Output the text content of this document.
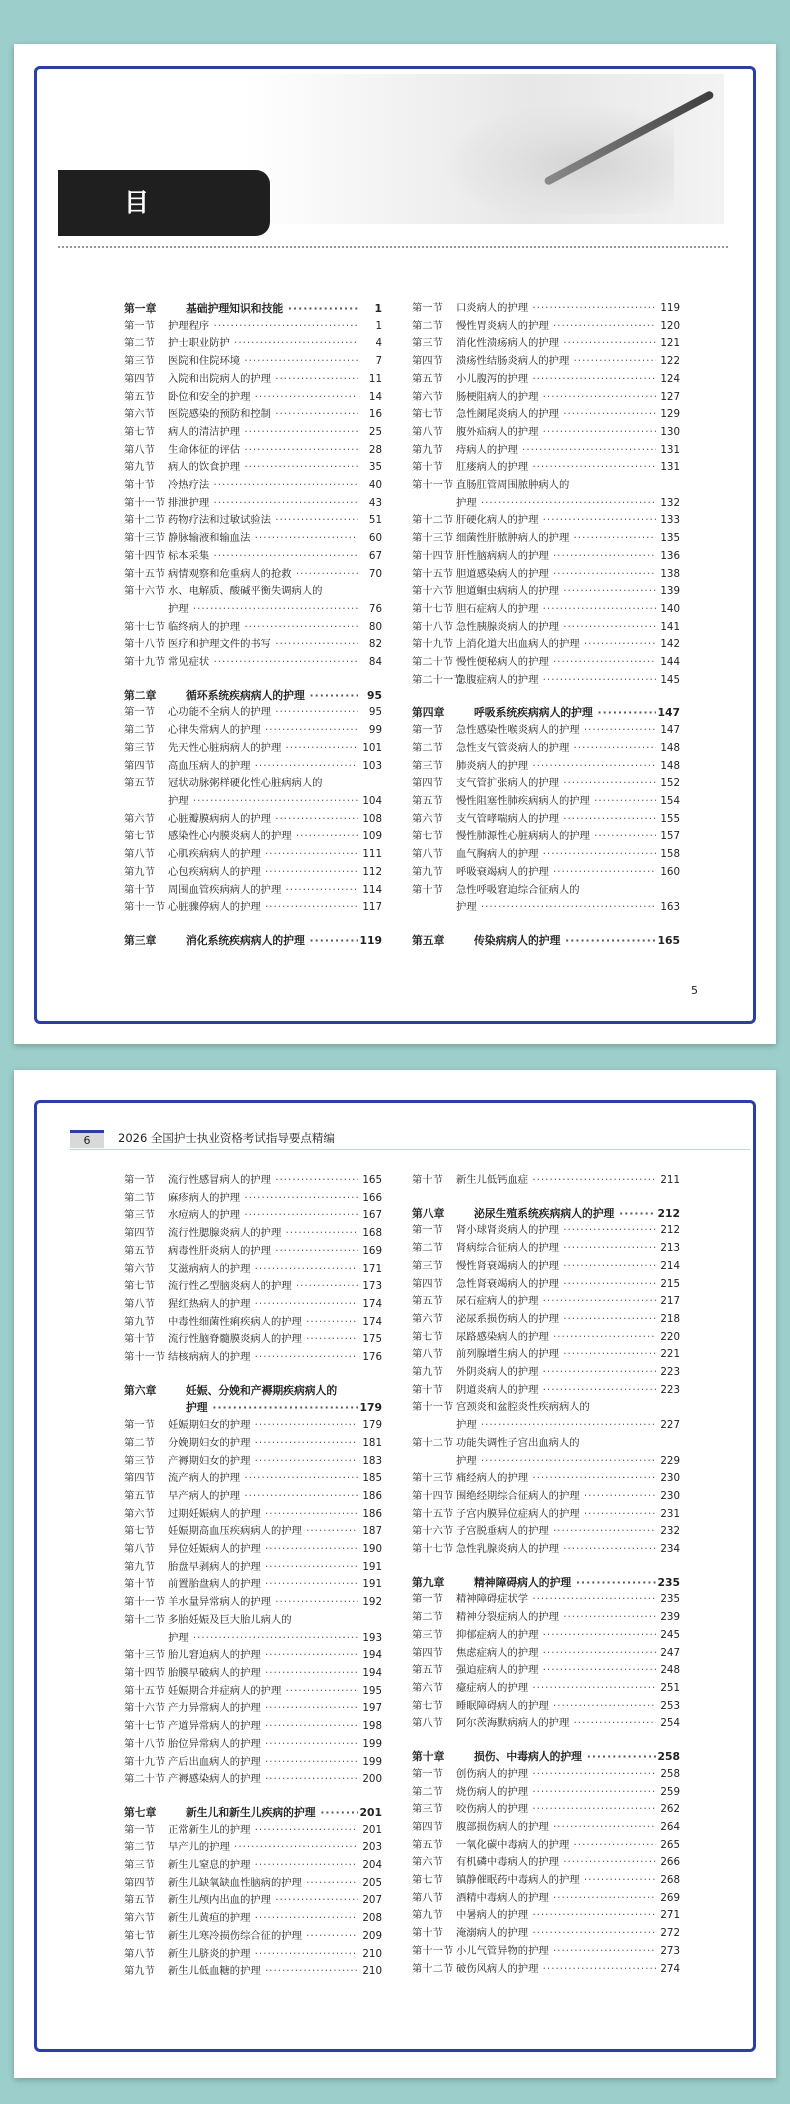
目 录
第一章	基础护理知识和技能 ·····	1
第一节	护理程序 ·····	1
第二节	护士职业防护 ·····	4
第三节	医院和住院环境 ·····	7
第四节	入院和出院病人的护理 ·····	11
第五节	卧位和安全的护理 ·····	14
第六节	医院感染的预防和控制 ·····	16
第七节	病人的清洁护理 ·····	25
第八节	生命体征的评估 ·····	28
第九节	病人的饮食护理 ·····	35
第十节	冷热疗法 ·····	40
第十一节 排泄护理 ·····	43
第十二节 药物疗法和过敏试验法 ·····	51
第十三节 静脉输液和输血法 ·····	60
第十四节 标本采集 ·····	67
第十五节 病情观察和危重病人的抢救 ·····	70
第十六节 水、电解质、酸碱平衡失调病人的
护理 ·····	76
第十七节 临终病人的护理 ·····	80
第十八节 医疗和护理文件的书写 ·····	82
第十九节 常见症状 ·····	84
第二章	循环系统疾病病人的护理 ·····	95
第一节	心功能不全病人的护理 ·····	95
第二节	心律失常病人的护理 ·····	99
第三节	先天性心脏病病人的护理 ·····	101
第四节	高血压病人的护理 ·····	103
第五节	冠状动脉粥样硬化性心脏病病人的
护理 ·····	104
第六节	心脏瓣膜病病人的护理 ·····	108
第七节	感染性心内膜炎病人的护理 ·····	109
第八节	心肌疾病病人的护理 ·····	111
第九节	心包疾病病人的护理 ·····	112
第十节	周围血管疾病病人的护理 ·····	114
第十一节 心脏骤停病人的护理 ·····	117
第三章	消化系统疾病病人的护理 ·····	119
第一节	口炎病人的护理 ·····	119
第二节	慢性胃炎病人的护理 ·····	120
第三节	消化性溃疡病人的护理 ·····	121
第四节	溃疡性结肠炎病人的护理 ·····	122
第五节	小儿腹泻的护理 ·····	124
第六节	肠梗阻病人的护理 ·····	127
第七节	急性阑尾炎病人的护理 ·····	129
第八节	腹外疝病人的护理 ·····	130
第九节	痔病人的护理 ·····	131
第十节	肛瘘病人的护理 ·····	131
第十一节 直肠肛管周围脓肿病人的
护理 ·····	132
第十二节 肝硬化病人的护理 ·····	133
第十三节 细菌性肝脓肿病人的护理 ·····	135
第十四节 肝性脑病病人的护理 ·····	136
第十五节 胆道感染病人的护理 ·····	138
第十六节 胆道蛔虫病病人的护理 ·····	139
第十七节 胆石症病人的护理 ·····	140
第十八节 急性胰腺炎病人的护理 ·····	141
第十九节 上消化道大出血病人的护理 ·····	142
第二十节 慢性便秘病人的护理 ·····	144
第二十一节
急腹症病人的护理 ·····	145
第四章	呼吸系统疾病病人的护理 ·····	147
第一节	急性感染性喉炎病人的护理 ·····	147
第二节	急性支气管炎病人的护理 ·····	148
第三节	肺炎病人的护理 ·····	148
第四节	支气管扩张病人的护理 ·····	152
第五节	慢性阻塞性肺疾病病人的护理 ·····	154
第六节	支气管哮喘病人的护理 ·····	155
第七节	慢性肺源性心脏病病人的护理 ·····	157
第八节	血气胸病人的护理 ·····	158
第九节	呼吸衰竭病人的护理 ·····	160
第十节	急性呼吸窘迫综合征病人的
护理 ·····	163
第五章	传染病病人的护理 ·····	165
5
6	2026 全国护士执业资格考试指导要点精编
第一节	流行性感冒病人的护理 ·····	165
第二节	麻疹病人的护理 ·····	166
第三节	水痘病人的护理 ·····	167
第四节	流行性腮腺炎病人的护理 ·····	168
第五节	病毒性肝炎病人的护理 ·····	169
第六节	艾滋病病人的护理 ·····	171
第七节	流行性乙型脑炎病人的护理 ·····	173
第八节	猩红热病人的护理 ·····	174
第九节	中毒性细菌性痢疾病人的护理 ·····	174
第十节	流行性脑脊髓膜炎病人的护理 ·····	175
第十一节 结核病病人的护理 ·····	176
第六章	妊娠、分娩和产褥期疾病病人的
护理 ·····	179
第一节	妊娠期妇女的护理 ·····	179
第二节	分娩期妇女的护理 ·····	181
第三节	产褥期妇女的护理 ·····	183
第四节	流产病人的护理 ·····	185
第五节	早产病人的护理 ·····	186
第六节	过期妊娠病人的护理 ·····	186
第七节	妊娠期高血压疾病病人的护理 ·····	187
第八节	异位妊娠病人的护理 ·····	190
第九节	胎盘早剥病人的护理 ·····	191
第十节	前置胎盘病人的护理 ·····	191
第十一节 羊水量异常病人的护理 ·····	192
第十二节 多胎妊娠及巨大胎儿病人的
护理 ·····	193
第十三节 胎儿窘迫病人的护理 ·····	194
第十四节 胎膜早破病人的护理 ·····	194
第十五节 妊娠期合并症病人的护理 ·····	195
第十六节 产力异常病人的护理 ·····	197
第十七节 产道异常病人的护理 ·····	198
第十八节 胎位异常病人的护理 ·····	199
第十九节 产后出血病人的护理 ·····	199
第二十节 产褥感染病人的护理 ·····	200
第七章	新生儿和新生儿疾病的护理 ·····	201
第一节	正常新生儿的护理 ·····	201
第二节	早产儿的护理 ·····	203
第三节	新生儿窒息的护理 ·····	204
第四节	新生儿缺氧缺血性脑病的护理 ·····	205
第五节	新生儿颅内出血的护理 ·····	207
第六节	新生儿黄疸的护理 ·····	208
第七节	新生儿寒冷损伤综合征的护理 ·····	209
第八节	新生儿脐炎的护理 ·····	210
第九节	新生儿低血糖的护理 ·····	210
第十节	新生儿低钙血症 ·····	211
第八章	泌尿生殖系统疾病病人的护理 ·····	212
第一节	肾小球肾炎病人的护理 ·····	212
第二节	肾病综合征病人的护理 ·····	213
第三节	慢性肾衰竭病人的护理 ·····	214
第四节	急性肾衰竭病人的护理 ·····	215
第五节	尿石症病人的护理 ·····	217
第六节	泌尿系损伤病人的护理 ·····	218
第七节	尿路感染病人的护理 ·····	220
第八节	前列腺增生病人的护理 ·····	221
第九节	外阴炎病人的护理 ·····	223
第十节	阴道炎病人的护理 ·····	223
第十一节 宫颈炎和盆腔炎性疾病病人的
护理 ·····	227
第十二节 功能失调性子宫出血病人的
护理 ·····	229
第十三节 痛经病人的护理 ·····	230
第十四节 围绝经期综合征病人的护理 ·····	230
第十五节 子宫内膜异位症病人的护理 ·····	231
第十六节 子宫脱垂病人的护理 ·····	232
第十七节 急性乳腺炎病人的护理 ·····	234
第九章	精神障碍病人的护理 ·····	235
第一节	精神障碍症状学 ·····	235
第二节	精神分裂症病人的护理 ·····	239
第三节	抑郁症病人的护理 ·····	245
第四节	焦虑症病人的护理 ·····	247
第五节	强迫症病人的护理 ·····	248
第六节	癔症病人的护理 ·····	251
第七节	睡眠障碍病人的护理 ·····	253
第八节	阿尔茨海默病病人的护理 ·····	254
第十章	损伤、中毒病人的护理 ·····	258
第一节	创伤病人的护理 ·····	258
第二节	烧伤病人的护理 ·····	259
第三节	咬伤病人的护理 ·····	262
第四节	腹部损伤病人的护理 ·····	264
第五节	一氧化碳中毒病人的护理 ·····	265
第六节	有机磷中毒病人的护理 ·····	266
第七节	镇静催眠药中毒病人的护理 ·····	268
第八节	酒精中毒病人的护理 ·····	269
第九节	中暑病人的护理 ·····	271
第十节	淹溺病人的护理 ·····	272
第十一节 小儿气管异物的护理 ·····	273
第十二节 破伤风病人的护理 ·····	274
